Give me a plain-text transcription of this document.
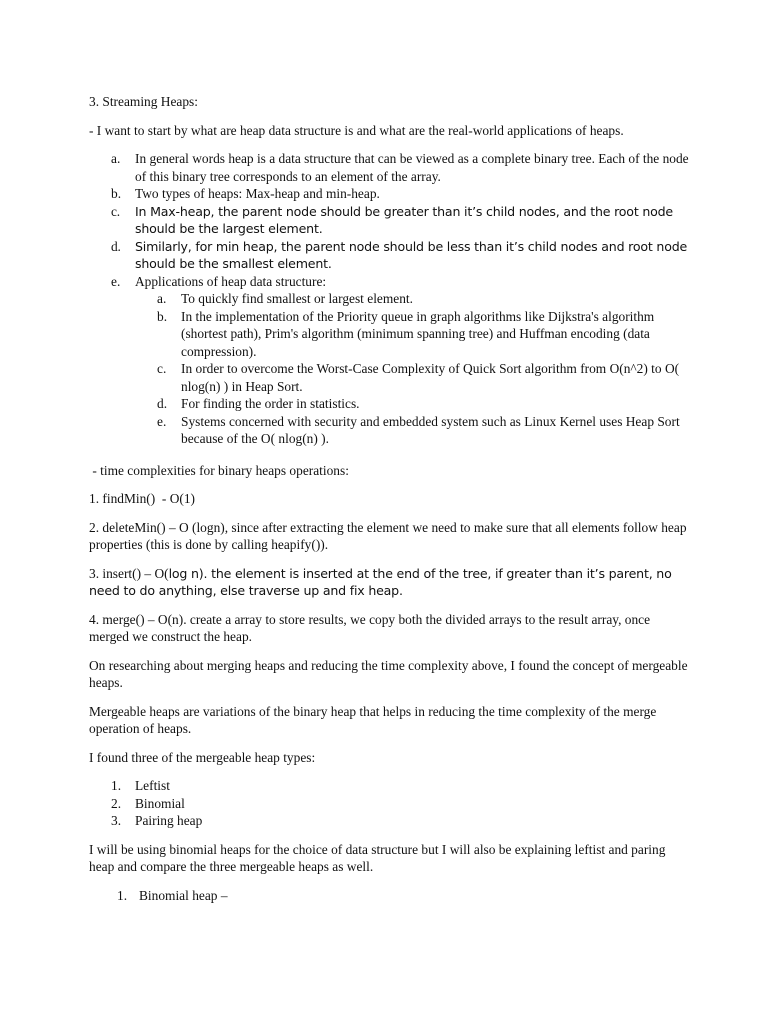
3. Streaming Heaps:

- I want to start by what are heap data structure is and what are the real-world applications of heaps.

a.	In general words heap is a data structure that can be viewed as a complete binary tree. Each of the node of this binary tree corresponds to an element of the array.
b.	Two types of heaps: Max-heap and min-heap.
c.	In Max-heap, the parent node should be greater than it’s child nodes, and the root node should be the largest element.
d.	Similarly, for min heap, the parent node should be less than it’s child nodes and root node should be the smallest element.
e.	Applications of heap data structure:
a.	To quickly find smallest or largest element.
b.	In the implementation of the Priority queue in graph algorithms like Dijkstra's algorithm (shortest path), Prim's algorithm (minimum spanning tree) and Huffman encoding (data compression).
c.	In order to overcome the Worst-Case Complexity of Quick Sort algorithm from O(n^2) to O( nlog(n) ) in Heap Sort.
d.	For finding the order in statistics.
e.	Systems concerned with security and embedded system such as Linux Kernel uses Heap Sort because of the O( nlog(n) ).

- time complexities for binary heaps operations:

1. findMin()  - O(1)

2. deleteMin() – O (logn), since after extracting the element we need to make sure that all elements follow heap properties (this is done by calling heapify()).

3. insert() – O(log n). the element is inserted at the end of the tree, if greater than it’s parent, no need to do anything, else traverse up and fix heap.

4. merge() – O(n). create a array to store results, we copy both the divided arrays to the result array, once merged we construct the heap.

On researching about merging heaps and reducing the time complexity above, I found the concept of mergeable heaps.

Mergeable heaps are variations of the binary heap that helps in reducing the time complexity of the merge operation of heaps.

I found three of the mergeable heap types:

1. Leftist
2. Binomial
3. Pairing heap

I will be using binomial heaps for the choice of data structure but I will also be explaining leftist and paring heap and compare the three mergeable heaps as well.

1. Binomial heap –
